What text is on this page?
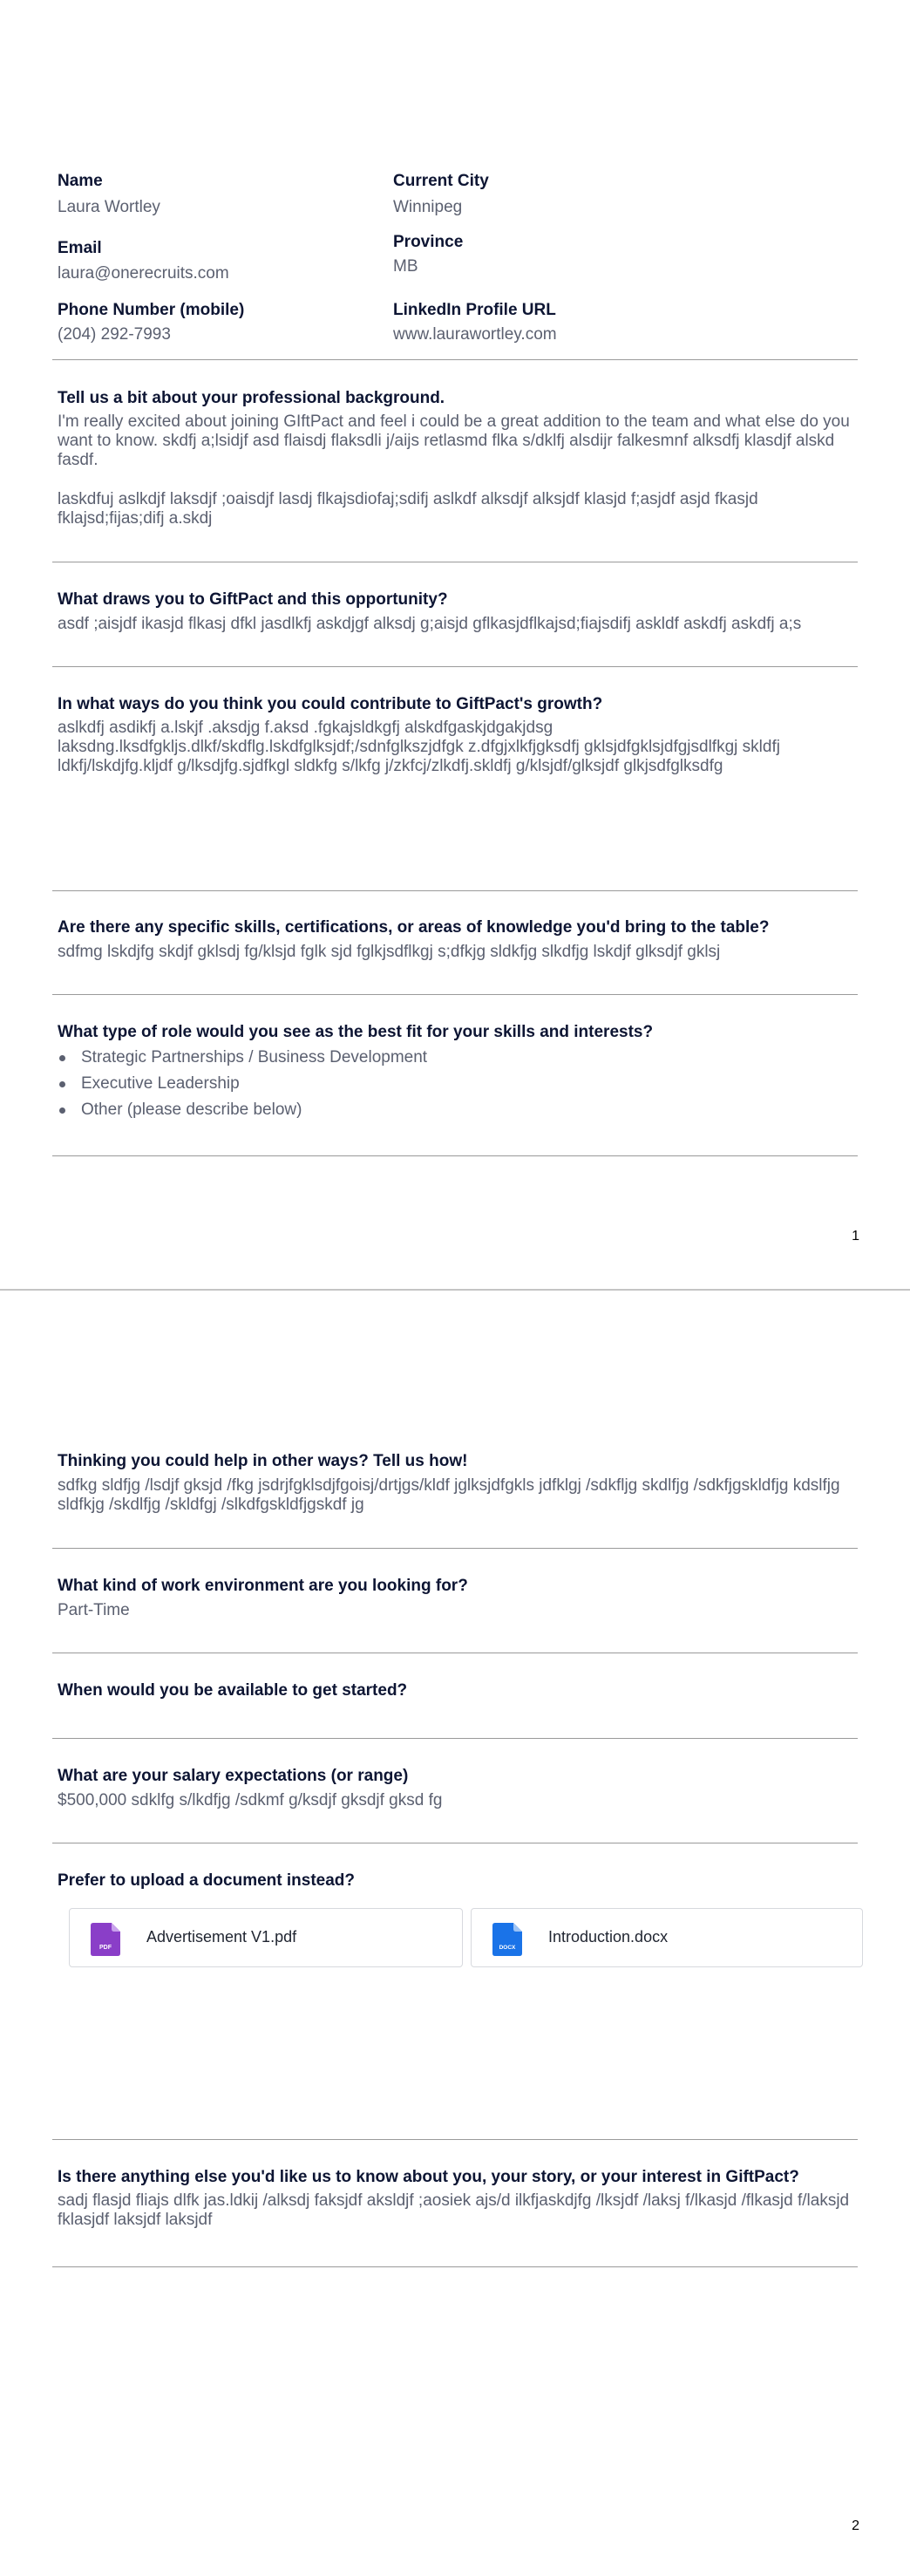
Name
Laura Wortley
Email
laura@onerecruits.com
Phone Number (mobile)
(204) 292-7993
Current City
Winnipeg
Province
MB
LinkedIn Profile URL
www.laurawortley.com
Tell us a bit about your professional background.
I'm really excited about joining GIftPact and feel i could be a great addition to the team and what else do you want to know. skdfj a;lsidjf asd flaisdj flaksdli j/aijs retlasmd flka s/dklfj alsdijr falkesmnf alksdfj klasdjf alskd fasdf.
laskdfuj aslkdjf laksdjf ;oaisdjf lasdj flkajsdiofaj;sdifj aslkdf alksdjf alksjdf klasjd f;asjdf asjd fkasjd fklajsd;fijas;difj a.skdj
What draws you to GiftPact and this opportunity?
asdf ;aisjdf ikasjd flkasj dfkl jasdlkfj askdjgf alksdj g;aisjd gflkasjdflkajsd;fiajsdifj askldf askdfj askdfj a;s
In what ways do you think you could contribute to GiftPact's growth?
aslkdfj asdikfj a.lskjf .aksdjg f.aksd .fgkajsldkgfj alskdfgaskjdgakjdsg laksdng.lksdfgkljs.dlkf/skdflg.lskdfglksjdf;/sdnfglkszjdfgk z.dfgjxlkfjgksdfj gklsjdfgklsjdfgjsdlfkgj skldfj ldkfj/lskdjfg.kljdf g/lksdjfg.sjdfkgl sldkfg s/lkfg j/zkfcj/zlkdfj.skldfj g/klsjdf/glksjdf glkjsdfglksdfg
Are there any specific skills, certifications, or areas of knowledge you'd bring to the table?
sdfmg lskdjfg skdjf gklsdj fg/klsjd fglk sjd fglkjsdflkgj s;dfkjg sldkfjg slkdfjg lskdjf glksdjf gklsj
What type of role would you see as the best fit for your skills and interests?
Strategic Partnerships / Business Development
Executive Leadership
Other (please describe below)
1
Thinking you could help in other ways? Tell us how!
sdfkg sldfjg /lsdjf gksjd /fkg jsdrjfgklsdjfgoisj/drtjgs/kldf jglksjdfgkls jdfklgj /sdkfljg skdlfjg /sdkfjgskldfjg kdslfjg sldfkjg /skdlfjg /skldfgj /slkdfgskldfjgskdf jg
What kind of work environment are you looking for?
Part-Time
When would you be available to get started?
What are your salary expectations (or range)
$500,000 sdklfg s/lkdfjg /sdkmf g/ksdjf gksdjf gksd fg
Prefer to upload a document instead?
PDF
Advertisement V1.pdf
DOCX
Introduction.docx
Is there anything else you'd like us to know about you, your story, or your interest in GiftPact?
sadj flasjd fliajs dlfk jas.ldkij /alksdj faksjdf aksldjf ;aosiek ajs/d ilkfjaskdjfg /lksjdf /laksj f/lkasjd /flkasjd f/laksjd fklasjdf laksjdf laksjdf
2
